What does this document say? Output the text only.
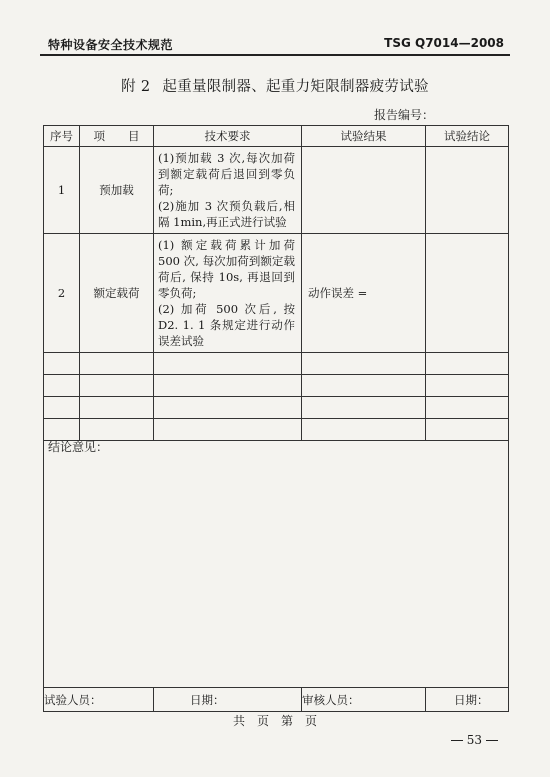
特种设备安全技术规范	TSG Q7014—2008
附 2 起重量限制器、起重力矩限制器疲劳试验
报告编号：
序号	项　　目	技术要求	试验结果	试验结论
1	预加载	(1)预加载 3 次,每次加荷到额定载荷后退回到零负荷;
(2)施加 3 次预负载后,相隔 1min,再正式进行试验		

2	额定载荷	(1) 额定载荷累计加荷 500 次, 每次加荷到额定载荷后, 保持 10s, 再退回到零负荷;
(2) 加荷 500 次后, 按 D2. 1. 1 条规定进行动作误差试验	动作误差 =	

试验人员：		日期：	审核人员：	日期：
结论意见：
共　页　第　页
53
